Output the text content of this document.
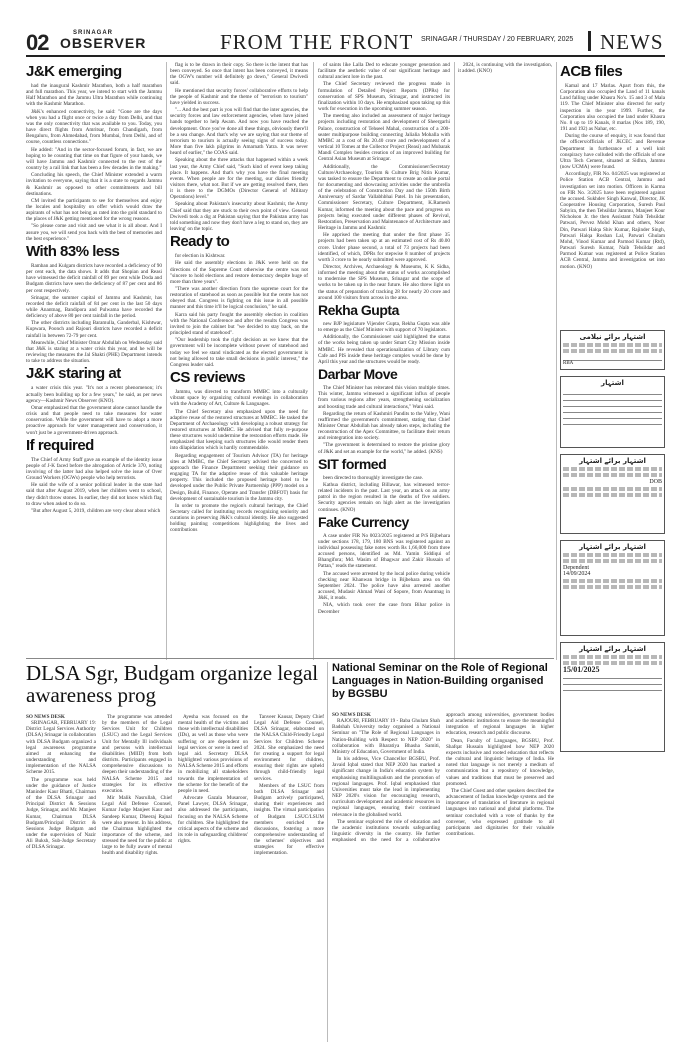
02	SRINAGAR
OBSERVER	FROM THE FRONT SRINAGAR / THURSDAY / 20 FEBRUARY, 2025 NEWS
J&K emerging

had the inaugural Kashmir Marathon, both a half marathon and full marathon. This year, we intend to start with the Jammu Half Marathon and the Jammu Ultra Marathon while continuing with the Kashmir Marathon.

J&K's enhanced connectivity, he said: "Gone are the days when you had a flight once or twice a day from Delhi, and that was the only connectivity that was available to you. Today, you have direct flights from Amritsar, from Chandigarh, from Bengaluru, from Ahmedabad, from Mumbai, from Delhi, and of course, countless connections."

He added: "And in the sector-focused forum, in fact, we are hoping to be counting that time on that figure of your hands, we will have Jammu and Kashmir connected to the rest of the country by a rail link that has been a few decades in the making."

Concluding his speech, the Chief Minister extended a warm invitation to everyone, saying that it is a state to regards Jammu & Kashmir as opposed to other commitments and bill destinations.

CM invited the participants to see for themselves and enjoy the locales and hospitality on offer which would draw the aspirants of what has not being as rated into the gold standard to the places of J&K getting mentioned for the wrong reasons.

"So please come and visit and see what it is all about. And I assure you, we will send you back with the best of memories and the best experience."

With 83% less

Ramban and Kulgam districts have recorded a deficiency of 90 per cent each, the data shows. It adds that Shopian and Reasi have witnessed the deficit rainfall of 89 per cent while Doda and Budgam districts have seen the deficiency of 87 per cent and 86 per cent respectively.

Srinagar, the summer capital of Jammu and Kashmir, has recorded the deficit rainfall of 84 per cent in the last 50 days while Anantnag, Bandipora and Pulwama have recorded the deficiency of above 80 per cent rainfall in the period.

The other districts including Baramulla, Ganderbal, Kishtwar, Kupwara, Poonch and Rajouri districts have recorded a deficit rainfall in between 72-79 per cent.

Meanwhile, Chief Minister Omar Abdullah on Wednesday said that J&K is staring at a water crisis this year, and he will be reviewing the measures the Jal Shakti (PHE) Department intends to take to address the situation.

J&K staring at

a water crisis this year. "It's not a recent phenomenon; it's actually been building up for a few years," he said, as per news agency—Kashmir News Observer (KNO).

Omar emphasized that the government alone cannot handle the crisis and that people need to take measures for water conservation. While the government will have to adopt a more proactive approach for water management and conservation, it won't just be a government-driven approach.

If required

The Chief of Army Staff gave an example of the identity issue people of J-K faced before the abrogation of Article 370, noting involving of the latter had also helped solve the issue of Over Ground Workers (OGWs) people who help terrorists.

He said the wife of a senior political leader in the state had said that after August 2019, when her children went to school, they didn't throw stones. In earlier, they did not know which flag to draw when asked to do so.

"But after August 5, 2019, children are very clear about which

flag is to be drawn in their copy. So there is the intent that has been conveyed. So once that intent has been conveyed, it means the OGW's number will definitely go down," General Dwivedi said.

He mentioned that security forces' collaborative efforts to help the people of Kashmir and the theme of "terrorism to tourism" have yielded in success.

"... And the best part is you will find that the inter agencies, the security forces and law enforcement agencies, when have joined hands together to help Awam. And now you have reached the development. Once you've done all these things, obviously there'll be a sea change. And that's why we are saying that our theme of terrorism to tourism is actually seeing signs of success today. More than five lakh pilgrims in Amarnath Yatra. It was never heard of earlier," the COAS said.

Speaking about the three attacks that happened within a week last year, the Army Chief said, "Such kind of event keep taking place. It happens. And that's why you have the final meeting events. When people are for the meeting, our diaries friendly visitors there, what not. But if we are getting resolved there, then it is there to the DGMOs (Director General of Military Operations) level."

Speaking about Pakistan's insecurity about Kashmir, the Army Chief said that they are stuck to their own point of view. General Dwivedi took a dig at Pakistan saying that the Pakistan army has told something and now they don't have a leg to stand on, they are leaving' on the topic.

Ready to

for election in Kishtwar.

He said the assembly elections in J&K were held on the directions of the Supreme Court otherwise the centre was not "sincere to hold elections and restore democracy despite huge of more than three years".

"There was another direction from the supreme court for the restoration of statehood as soon as possible but the centre has not obeyed that. Congress is fighting on this issue in all possible manner and this time it'll be logical conclusion," he said.

Karra said his party fought the assembly election in coalition with the National Conference and after the results Congress was invited to join the cabinet but "we decided to stay back, on the principled stand of statehood".

"Our leadership took the right decision as we knew that the government will be incomplete without power of statehood and today we feel we stand vindicated as the elected government is not being allowed to take small decisions in public interest," the Congress leader said.

CS reviews

Jammu, was directed to transform MMBC into a culturally vibrant space by organizing cultural evenings in collaboration with the Academy of Art, Culture & Languages.

The Chief Secretary also emphasized upon the need for adaptive reuse of the restored structures at MMBC. He tasked the Department of Archaeology with developing a robust strategy for restored structures at MMBC. He advised that fully re-purpose these structures would undermine the restoration efforts made. He emphasized that keeping such structures idle would render them into dilapidation which is hardly commendable.

Regarding engagement of Tourism Advisor (TA) for heritage sites at MMBC, the Chief Secretary advised the concerned to approach the Finance Department seeking their guidance on engaging TA for the adaptive reuse of this valuable heritage property. This included the proposed heritage hotel to be developed under the Public Private Partnership (PPP) model on a Design, Build, Finance, Operate and Transfer (DBFOT) basis for development of sustainable tourism in the Jammu city.

In order to promote the region's cultural heritage, the Chief Secretary called for instituting records recognizing seniority and curations in preserving J&K's cultural identity. He also suggested holding painting competitions highlighting the lives and contributions

of saints like Lalla Ded to educate younger generation and facilitate the aesthetic value of our significant heritage and cultural ancient lore in the past.

The Chief Secretary reviewed the progress made in formulation of Detailed Project Reports (DPRs) for conservation of SPS Museum, Srinagar, and instructed its finalization within 10 days. He emphasized upon taking up this work for execution in the upcoming summer season.

The meeting also included an assessment of major heritage projects including restoration and development of Sheergarhi Palace, construction of Tehseel Mahal, construction of a 200-seater multipurpose building connecting Jalialia Mohalla with MMBC at a cost of Rs 20.40 crore and redevelopment of a vertical 10 Tomes at the Collector Project (Reasi) and Mubarak Mandi Complex besides creation of an improved building for Central Asian Museum at Srinagar.

Additionally, the Commissioner/Secretary Culture/Archaeology, Tourism & Culture Brig Nitin Kumar, was tasked to ensure the Department to create an online portal for documenting and showcasing activities under the umbrella of the celebration of Construction Day and the 150th Birth Anniversary of Sardar Vallabhbhai Patel. In his presentation, Commissioner Secretary, Culture Department, K.Ramesh Kumar, informed the meeting about the pace and progress on projects being executed under different phases of Revival, Restoration, Preservation and Maintenance of Architecture and Heritage in Jammu and Kashmir.

He apprised the meeting that under the first phase 35 projects had been taken up at an estimated cost of Rs 40.00 crore. Under phase second, a total of 73 projects had been identified, of which, DPRs for stepwise 8 number of projects worth 3 crore to be nearly submitted were approved.

Director, Archives, Archaeology & Museums, K K Sidha, informed the meeting about the status of works accomplished to modernise the SPS Museum, Srinagar and the scope of works to be taken up in the near future. He also threw light on the status of preparation of tracking 28 for nearly 20 crore and around 100 visitors from across in the area.

Rekha Gupta

new BJP legislature Vijender Gupta, Rekha Gupta was able to emerge as the Chief Minister with support of 70 legislators.

Additionally, the Commissioner said highlighted the status of the works being taken up under Smart City Mission inside MMBC. He revealed that operationalization of Library cum Cafe and PIS inside these heritage complex would be done by April this year and the structures would be ready.

Darbar Move

The Chief Minister has reiterated this vision multiple times. This winter, Jammu witnessed a significant influx of people from various regions after years, strengthening socialization and boosting trade and cultural interactions," Wani said.

Regarding the return of Kashmiri Pandits to the Valley, Wani reaffirmed the government's commitment, stating that Chief Minister Omar Abdullah has already taken steps, including the reconstruction of the Apex Committee, to facilitate their return and reintegration into society.

"The government is determined to restore the pristine glory of J&K and set an example for the world," he added. (KNS)

SIT formed

been directed to thoroughly investigate the case.

Kathua district, including Billawar, has witnessed terror-related incidents in the past. Last year, an attack on an army patrol in the region resulted in the deaths of five soldiers. Security agencies remain on high alert as the investigation continues. (KNO)

Fake Currency

A case under FIR No 0023/2025 registered at P/S Bijbehara under sections 178, 179, 180 BNS was registered against an individual possessing fake notes worth Rs 1,66,000 from three accused persons, identified as Md. Yamin Siddiqui of Bhangifora; Md. Wasim of Bhagwar and Zakir Hussain of Pattan," reads the statement.

The accused were arrested by the local police during vehicle checking near Khanwan bridge in Bijbehara area on 6th September 2024. The police have also arrested another accused, Mudasir Ahmad Wani of Sopore, from Anantnag in J&K, it reads.

NIA, which took over the case from Bihar police in December

2024, is continuing with the investigation, it added. (KNO)	ACB files

Kamal and 17 Marlas. Apart from this, the Corporation also occupied the Land of 11 kanals Land falling under Khasra No's. 15 and 3 of Mala 119. The Chief Minister also directed for early inspection in the year 1999. Further, the Corporation also occupied the land under Khasra No. 8 up to 19 Kanals, 8 marlas (Nos 189, 190, 191 and 192) as Nahar, etc.

During the course of enquiry, it was found that the officers/officials of JKCEC and Revenue Department in furtherance of a well knit conspiracy have colluded with the officials of one Ultra Tech Cement, situated at Sidhra, Jammu (now UCMA) were found.

Accordingly, FIR No. 04/2025 was registered at Police Station ACB Central, Jammu and investigation set into motion. Officers in Karma on FIR No. 3/2025 have been registered against the accused. Sukhdev Singh Kanwal, Director, JK Cooperative Housing Corporation, Suresh Paul Sabyira, the then Tehsildar Jammu, Manjeet Kour Nicholson Jr. the then Assistant Naib Tehsildar Patwari, Pervez Mohd Khan and others, Noor Din, Patwari Halqa Shiv Kumar, Rajinder Singh, Patwari Halqa Roshan Lal, Patwari Ghulam Mohd, Vinod Kumar and Parmod Kumar (Rtd), Patwari Suresh Kumar, Naib Tehsildar and Parmod Kumar was registered at Police Station ACB Central, Jammu and investigation set into motion. (KNO)

اشتہار برائے نیلامی
RBA
اشتہار
اشتہار برائے اشتہار
DOB
اشتہار برائے اشتہار
Dependent
14/09/2024
اشتہار برائے اشتہار
15/01/2025
DLSA Sgr, Budgam organize legal awareness prog

SO NEWS DESK

SRINAGAR, FEBRUARY 19: District Legal Services Authority (DLSA) Srinagar in collaboration with DLSA Budgam organized a legal awareness programme aimed at enhancing the understanding and implementation of the NALSA Scheme 2015.

The programme was held under the guidance of Justice Maninder Kaur Bhatti, Chairman of the DLSA Srinagar and Principal District & Sessions Judge, Srinagar, and Mr. Manjeet Kumar, Chairman DLSA Budgam/Principal District & Sessions Judge Budgam and under the supervision of Nazir Ali Buksh, Sub-Judge Secretary of DLSA Srinagar.

The programme was attended by the members of the Legal Services Unit for Children (LSUC) and the Legal Services Unit for Mentally Ill individuals and persons with intellectual disabilities (MIID) from both districts. Participants engaged in comprehensive discussions to deepen their understanding of the NALSA Scheme 2015 and strategies for its effective execution.

Mir Malik Nasrullah, Chief Legal Aid Defense Counsel, Kumar Judge Manjeet Kaur and Sandeep Kumar, Dheeraj Rajnal were also present. In his address, the Chairman highlighted the importance of the scheme, and stressed the need for the public at large to be fully aware of mental health and disability rights.

Ayesha was focused on the mental health of the victims and those with intellectual disabilities (IDs), as well as those who were suffering or are dependent on legal services or were in need of legal aid. Secretary DLSA highlighted various provisions of NALSA Scheme 2015 and efforts in mobilizing all stakeholders towards the implementation of the scheme for the benefit of the people in need.

Advocate Gazala Musaroor, Panel Lawyer, DLSA Srinagar, also addressed the participants, focusing on the NALSA Scheme for children. She highlighted the critical aspects of the scheme and its role in safeguarding childrens' rights.

Tanveer Kausar, Deputy Chief Legal Aid Defense Counsel, DLSA Srinagar, elaborated on the NALSA Child-Friendly Legal Services for Children Scheme 2024. She emphasized the need for creating a support for legal environment for children, ensuring their rights are upheld through child-friendly legal services.

Members of the LSUC from both DLSA Srinagar and Budgam actively participated, sharing their experiences and insights. The virtual participation of Budgam LSUC/LSUM members enriched the discussions, fostering a more comprehensive understanding of the schemes' objectives and strategies for effective implementation.

National Seminar on the Role of Regional Languages in Nation-Building organised by BGSBU

SO NEWS DESK

RAJOURI, FEBRUARY 19 - Baba Ghulam Shah Badshah University today organised a National Seminar on "The Role of Regional Languages in Nation-Building with Respect to NEP 2020" in collaboration with Bharatiya Bhasha Samiti, Ministry of Education, Government of India.

In his address, Vice Chancellor BGSBU, Prof. Javaid Iqbal stated that NEP 2020 has marked a significant change in India's education system by emphasising multilingualism and the promotion of regional languages. Prof. Iqbal emphasised that Universities must take the lead in implementing NEP 2020's vision for encouraging research, curriculum development and academic resources in regional languages, ensuring their continued relevance in the globalised world.

The seminar explored the role of education and the academic institutions towards safeguarding linguistic diversity in the country. He further emphasised on the need for a collaborative approach among universities, government bodies and academic institutions to ensure the meaningful integration of regional languages in higher education, research and public discourse.

Dean, Faculty of Languages, BGSBU, Prof. Shafqat Hussain highlighted how NEP 2020 expects inclusive and rooted education that reflects the cultural and linguistic heritage of India. He noted that language is not merely a medium of communication but a repository of knowledge, values and traditions that must be preserved and promoted.

The Chief Guest and other speakers described the advancement of Indian knowledge systems and the importance of translation of literature in regional languages into national and global platforms. The seminar concluded with a vote of thanks by the convener, who expressed gratitude to all participants and dignitaries for their valuable contributions.
